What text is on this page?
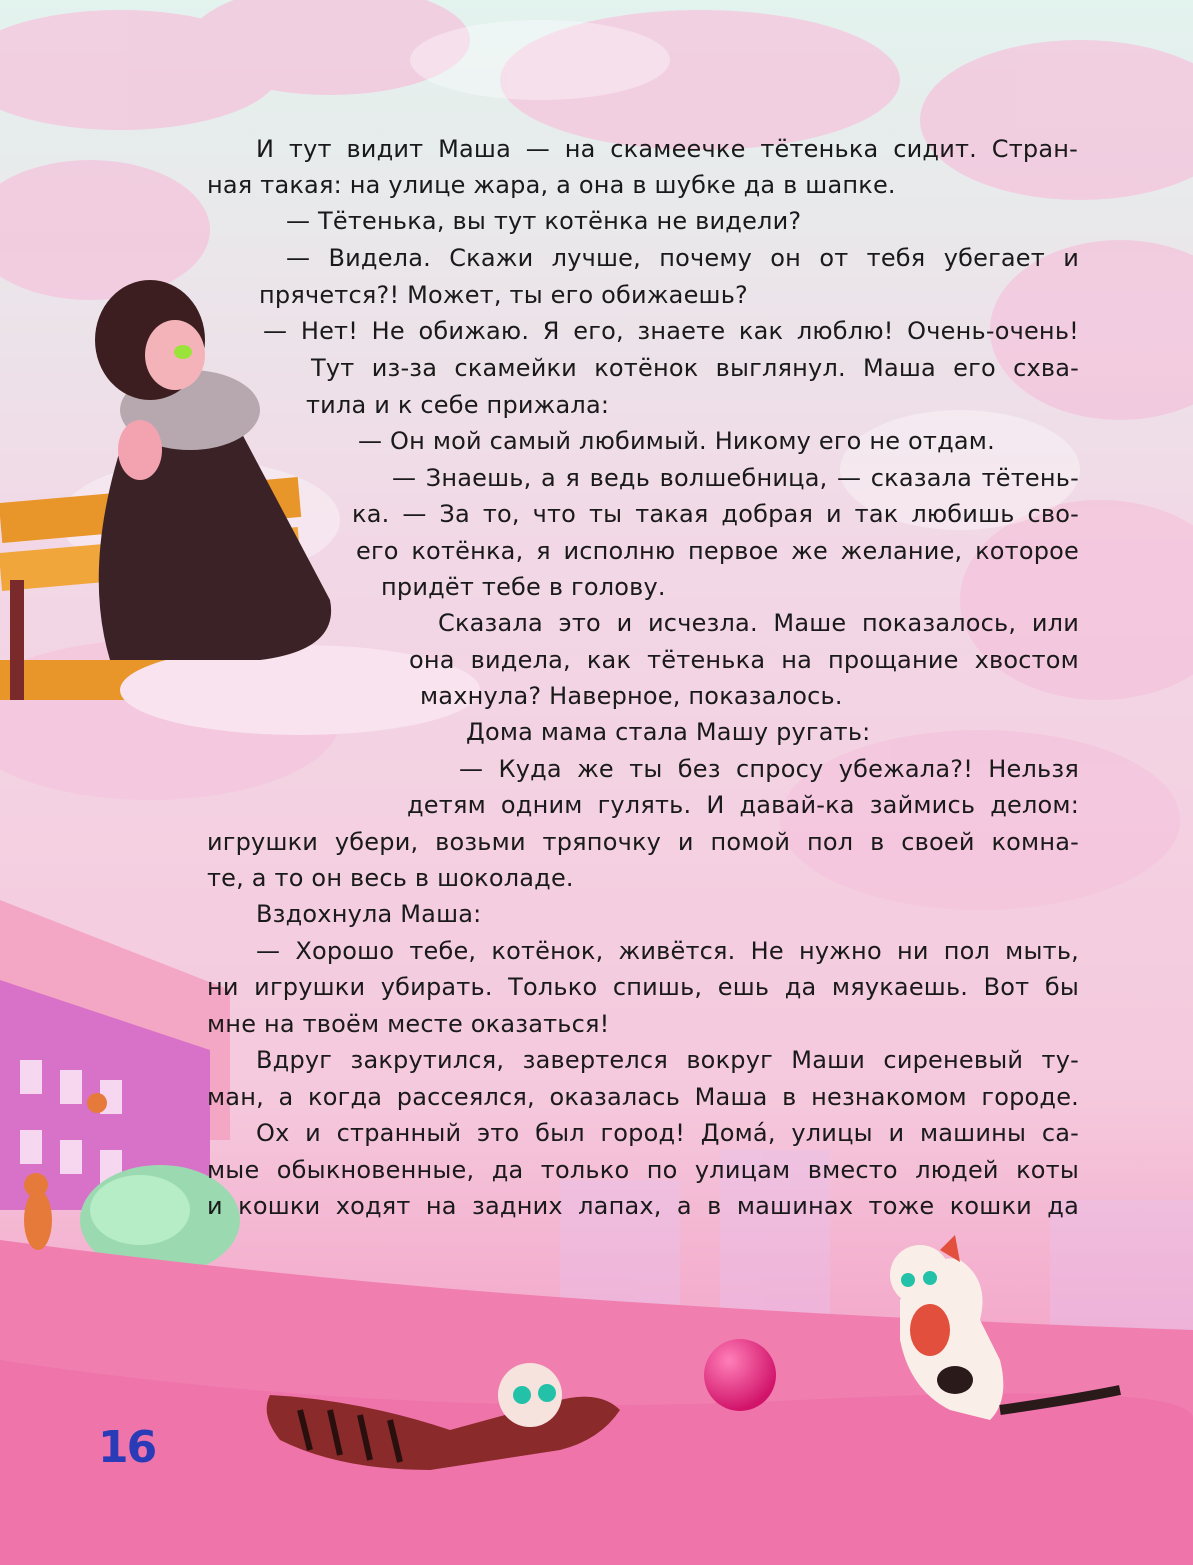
И тут видит Маша — на скамеечке тётенька сидит. Стран-
ная такая: на улице жара, а она в шубке да в шапке.
— Тётенька, вы тут котёнка не видели?
— Видела. Скажи лучше, почему он от тебя убегает и
прячется?! Может, ты его обижаешь?
— Нет! Не обижаю. Я его, знаете как люблю! Очень-очень!
Тут из-за скамейки котёнок выглянул. Маша его схва-
тила и к себе прижала:
— Он мой самый любимый. Никому его не отдам.
— Знаешь, а я ведь волшебница, — сказала тётень-
ка. — За то, что ты такая добрая и так любишь сво-
его котёнка, я исполню первое же желание, которое
придёт тебе в голову.
Сказала это и исчезла. Маше показалось, или
она видела, как тётенька на прощание хвостом
махнула? Наверное, показалось.
Дома мама стала Машу ругать:
— Куда же ты без спросу убежала?! Нельзя
детям одним гулять. И давай-ка займись делом:
игрушки убери, возьми тряпочку и помой пол в своей комна-
те, а то он весь в шоколаде.
Вздохнула Маша:
— Хорошо тебе, котёнок, живётся. Не нужно ни пол мыть,
ни игрушки убирать. Только спишь, ешь да мяукаешь. Вот бы
мне на твоём месте оказаться!
Вдруг закрутился, завертелся вокруг Маши сиреневый ту-
ман, а когда рассеялся, оказалась Маша в незнакомом городе.
Ох и странный это был город! Домá, улицы и машины са-
мые обыкновенные, да только по улицам вместо людей коты
и кошки ходят на задних лапах, а в машинах тоже кошки да
16
